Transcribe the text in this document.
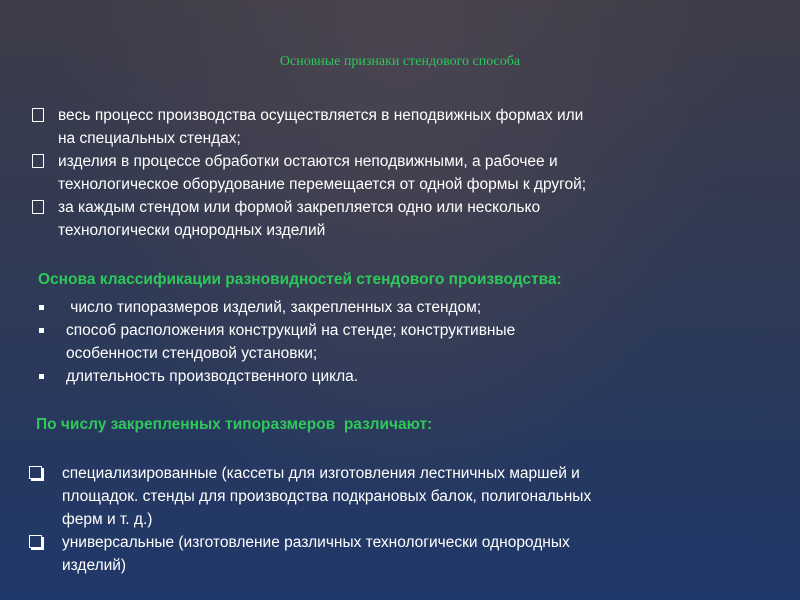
Основные признаки стендового способа
весь процесс производства осуществляется в неподвижных формах или
на специальных стендах;
изделия в процессе обработки остаются неподвижными, а рабочее и
технологическое оборудование перемещается от одной формы к другой;
за каждым стендом или формой закрепляется одно или несколько
технологически однородных изделий
Основа классификации разновидностей стендового производства:
число типоразмеров изделий, закрепленных за стендом;
способ расположения конструкций на стенде; конструктивные
особенности стендовой установки;
длительность производственного цикла.
По числу закрепленных типоразмеров  различают:
специализированные (кассеты для изготовления лестничных маршей и
площадок. стенды для производства подкрановых балок, полигональных
ферм и т. д.)
универсальные (изготовление различных технологически однородных
изделий)
